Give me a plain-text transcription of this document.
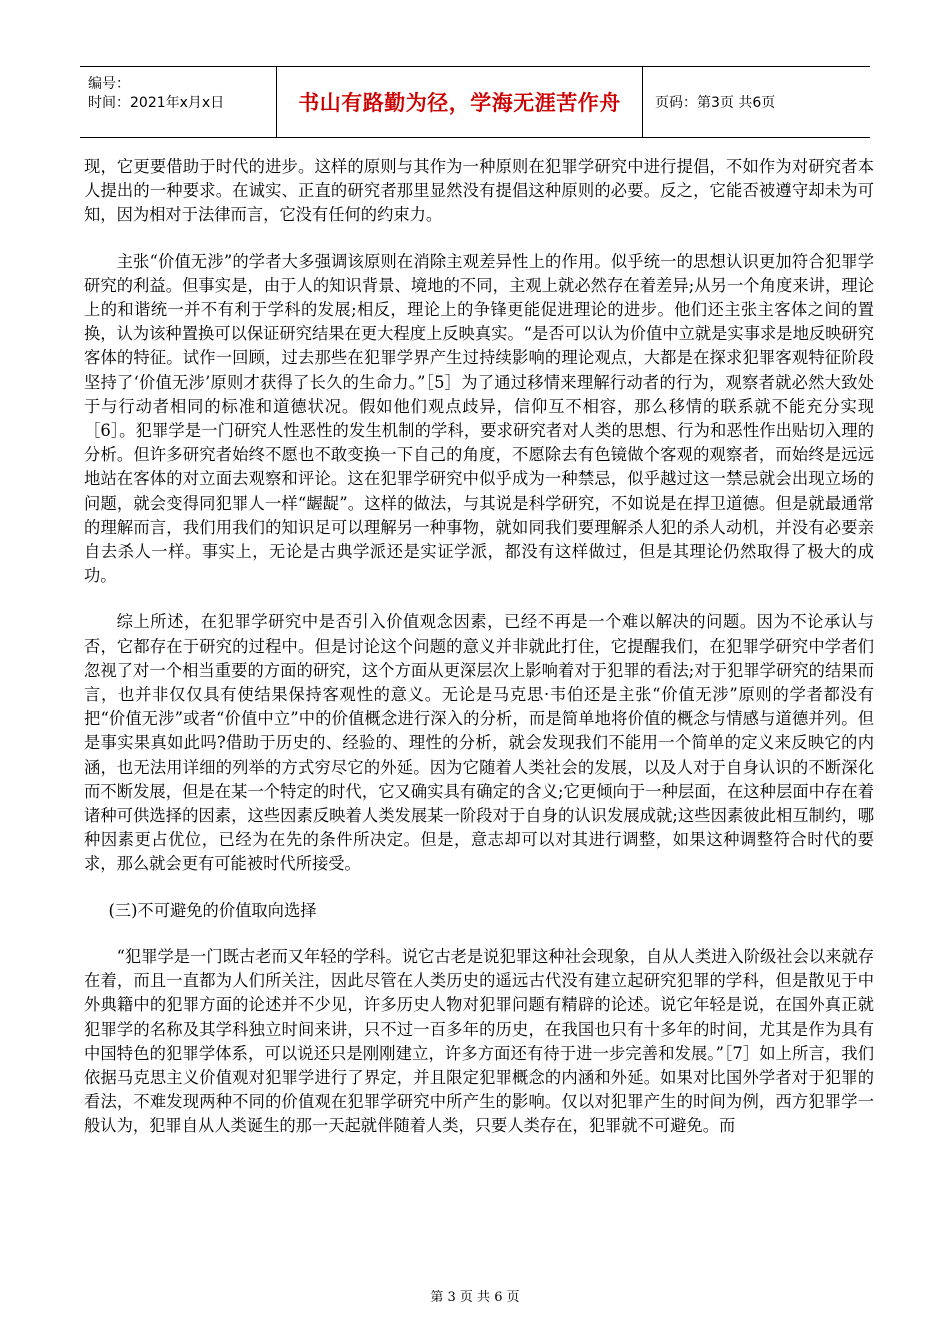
编号：
时间：2021年x月x日	书山有路勤为径，学海无涯苦作舟	页码：第3页 共6页

现，它更要借助于时代的进步。这样的原则与其作为一种原则在犯罪学研究中进行提倡，不如作为对研究者本人提出的一种要求。在诚实、正直的研究者那里显然没有提倡这种原则的必要。反之，它能否被遵守却未为可知，因为相对于法律而言，它没有任何的约束力。

主张“价值无涉”的学者大多强调该原则在消除主观差异性上的作用。似乎统一的思想认识更加符合犯罪学研究的利益。但事实是，由于人的知识背景、境地的不同，主观上就必然存在着差异;从另一个角度来讲，理论上的和谐统一并不有利于学科的发展;相反，理论上的争锋更能促进理论的进步。他们还主张主客体之间的置换，认为该种置换可以保证研究结果在更大程度上反映真实。“是否可以认为价值中立就是实事求是地反映研究客体的特征。试作一回顾，过去那些在犯罪学界产生过持续影响的理论观点，大都是在探求犯罪客观特征阶段坚持了‘价值无涉’原则才获得了长久的生命力。”［5］为了通过移情来理解行动者的行为，观察者就必然大致处于与行动者相同的标准和道德状况。假如他们观点歧异，信仰互不相容，那么移情的联系就不能充分实现［6］。犯罪学是一门研究人性恶性的发生机制的学科，要求研究者对人类的思想、行为和恶性作出贴切入理的分析。但许多研究者始终不愿也不敢变换一下自己的角度，不愿除去有色镜做个客观的观察者，而始终是远远地站在客体的对立面去观察和评论。这在犯罪学研究中似乎成为一种禁忌，似乎越过这一禁忌就会出现立场的问题，就会变得同犯罪人一样“龌龊”。这样的做法，与其说是科学研究，不如说是在捍卫道德。但是就最通常的理解而言，我们用我们的知识足可以理解另一种事物，就如同我们要理解杀人犯的杀人动机，并没有必要亲自去杀人一样。事实上，无论是古典学派还是实证学派，都没有这样做过，但是其理论仍然取得了极大的成功。

综上所述，在犯罪学研究中是否引入价值观念因素，已经不再是一个难以解决的问题。因为不论承认与否，它都存在于研究的过程中。但是讨论这个问题的意义并非就此打住，它提醒我们，在犯罪学研究中学者们忽视了对一个相当重要的方面的研究，这个方面从更深层次上影响着对于犯罪的看法;对于犯罪学研究的结果而言，也并非仅仅具有使结果保持客观性的意义。无论是马克思·韦伯还是主张“价值无涉”原则的学者都没有把“价值无涉”或者“价值中立”中的价值概念进行深入的分析，而是简单地将价值的概念与情感与道德并列。但是事实果真如此吗?借助于历史的、经验的、理性的分析，就会发现我们不能用一个简单的定义来反映它的内涵，也无法用详细的列举的方式穷尽它的外延。因为它随着人类社会的发展，以及人对于自身认识的不断深化而不断发展，但是在某一个特定的时代，它又确实具有确定的含义;它更倾向于一种层面，在这种层面中存在着诸种可供选择的因素，这些因素反映着人类发展某一阶段对于自身的认识发展成就;这些因素彼此相互制约，哪种因素更占优位，已经为在先的条件所决定。但是，意志却可以对其进行调整，如果这种调整符合时代的要求，那么就会更有可能被时代所接受。

(三)不可避免的价值取向选择

“犯罪学是一门既古老而又年轻的学科。说它古老是说犯罪这种社会现象，自从人类进入阶级社会以来就存在着，而且一直都为人们所关注，因此尽管在人类历史的遥远古代没有建立起研究犯罪的学科，但是散见于中外典籍中的犯罪方面的论述并不少见，许多历史人物对犯罪问题有精辟的论述。说它年轻是说，在国外真正就犯罪学的名称及其学科独立时间来讲，只不过一百多年的历史，在我国也只有十多年的时间，尤其是作为具有中国特色的犯罪学体系，可以说还只是刚刚建立，许多方面还有待于进一步完善和发展。”［7］如上所言，我们依据马克思主义价值观对犯罪学进行了界定，并且限定犯罪概念的内涵和外延。如果对比国外学者对于犯罪的看法，不难发现两种不同的价值观在犯罪学研究中所产生的影响。仅以对犯罪产生的时间为例，西方犯罪学一般认为，犯罪自从人类诞生的那一天起就伴随着人类，只要人类存在，犯罪就不可避免。而

第 3 页 共 6 页
